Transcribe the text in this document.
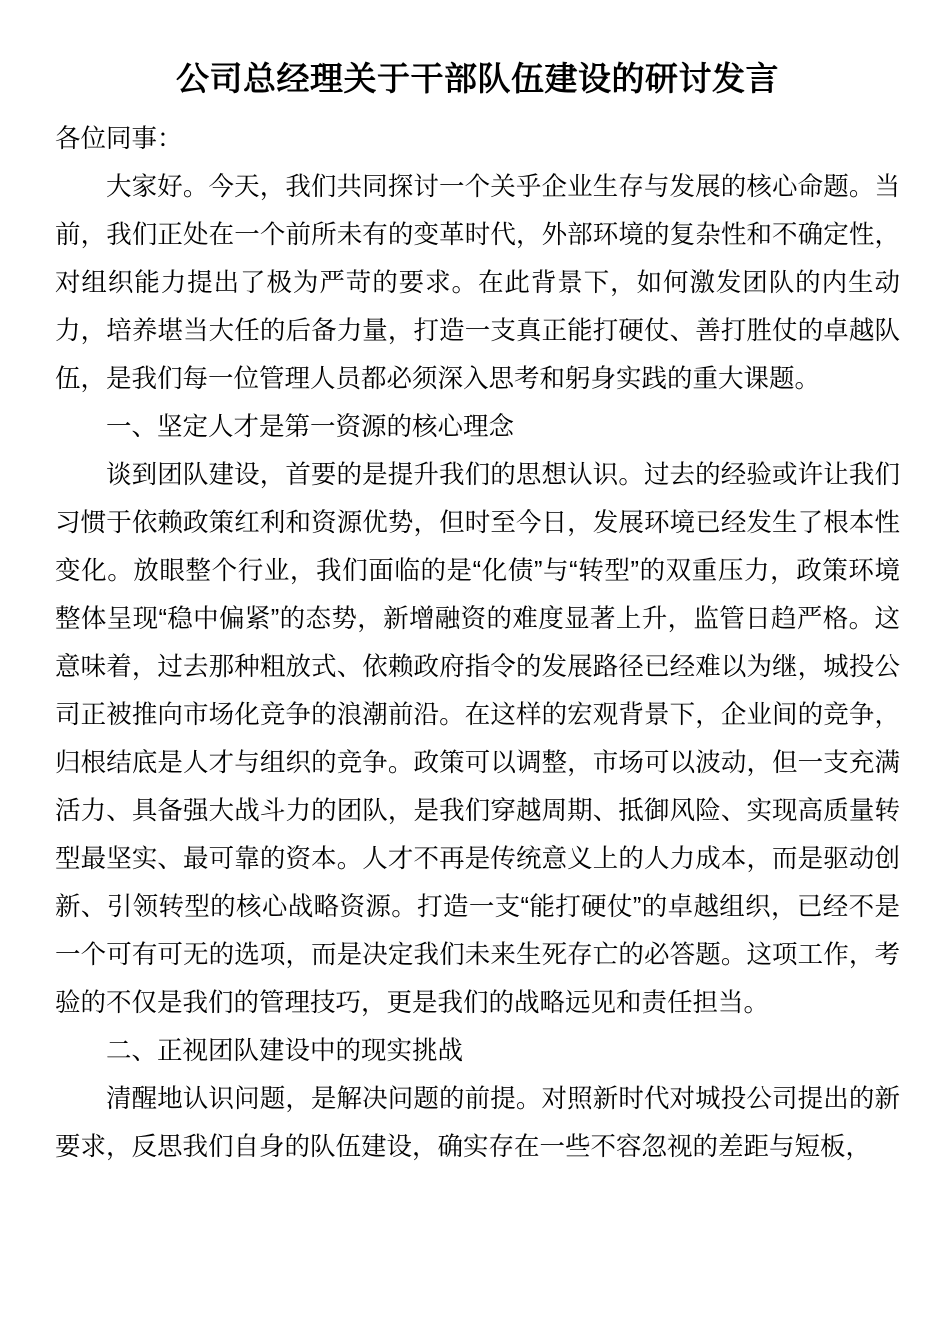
公司总经理关于干部队伍建设的研讨发言

各位同事：

大家好。今天，我们共同探讨一个关乎企业生存与发展的核心命题。当前，我们正处在一个前所未有的变革时代，外部环境的复杂性和不确定性，对组织能力提出了极为严苛的要求。在此背景下，如何激发团队的内生动力，培养堪当大任的后备力量，打造一支真正能打硬仗、善打胜仗的卓越队伍，是我们每一位管理人员都必须深入思考和躬身实践的重大课题。

一、坚定人才是第一资源的核心理念

谈到团队建设，首要的是提升我们的思想认识。过去的经验或许让我们习惯于依赖政策红利和资源优势，但时至今日，发展环境已经发生了根本性变化。放眼整个行业，我们面临的是“化债”与“转型”的双重压力，政策环境整体呈现“稳中偏紧”的态势，新增融资的难度显著上升，监管日趋严格。这意味着，过去那种粗放式、依赖政府指令的发展路径已经难以为继，城投公司正被推向市场化竞争的浪潮前沿。在这样的宏观背景下，企业间的竞争，归根结底是人才与组织的竞争。政策可以调整，市场可以波动，但一支充满活力、具备强大战斗力的团队，是我们穿越周期、抵御风险、实现高质量转型最坚实、最可靠的资本。人才不再是传统意义上的人力成本，而是驱动创新、引领转型的核心战略资源。打造一支“能打硬仗”的卓越组织，已经不是一个可有可无的选项，而是决定我们未来生死存亡的必答题。这项工作，考验的不仅是我们的管理技巧，更是我们的战略远见和责任担当。

二、正视团队建设中的现实挑战

清醒地认识问题，是解决问题的前提。对照新时代对城投公司提出的新要求，反思我们自身的队伍建设，确实存在一些不容忽视的差距与短板，
